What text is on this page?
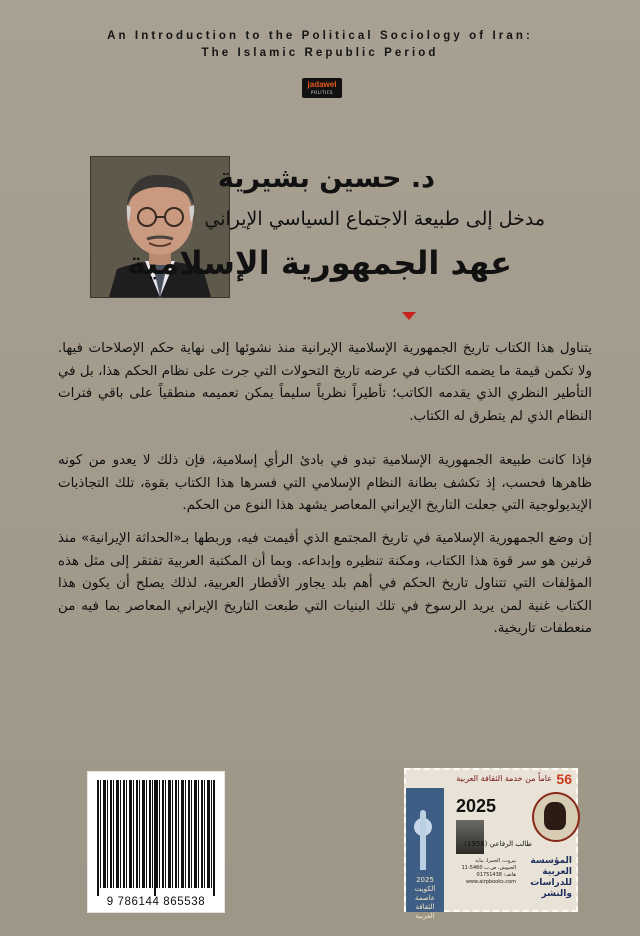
An Introduction to the Political Sociology of Iran:
The Islamic Republic Period
jadawel
POLITICS
د. حسين بشيرية
مدخل إلى طبيعة الاجتماع السياسي الإيراني
عهد الجمهورية الإسلامية
يتناول هذا الكتاب تاريخ الجمهورية الإسلامية الإيرانية منذ نشوئها إلى نهاية حكم الإصلاحات فيها. ولا تكمن قيمة ما يضمه الكتاب في عرضه تاريخ التحولات التي جرت على نظام الحكم هذا، بل في التأطير النظري الذي يقدمه الكاتب؛ تأطيراً نظرياً سليماً يمكن تعميمه منطقياً على باقي فترات النظام الذي لم يتطرق له الكتاب.
فإذا كانت طبيعة الجمهورية الإسلامية تبدو في بادئ الرأي إسلامية، فإن ذلك لا يعدو من كونه ظاهرها فحسب، إذ تكشف بطانة النظام الإسلامي التي فسرها هذا الكتاب بقوة، تلك التجاذبات الإيديولوجية التي جعلت التاريخ الإيراني المعاصر يشهد هذا النوع من الحكم.
إن وضع الجمهورية الإسلامية في تاريخ المجتمع الذي أقيمت فيه، وربطها بـ«الحداثة الإيرانية» منذ قرنين هو سر قوة هذا الكتاب، ومكنة تنظيره وإبداعه. وبما أن المكتبة العربية تفتقر إلى مثل هذه المؤلفات التي تتناول تاريخ الحكم في أهم بلد يجاور الأقطار العربية، لذلك يصلح أن يكون هذا الكتاب غنية لمن يريد الرسوخ في تلك البنيات التي طبعت التاريخ الإيراني المعاصر بما فيه من منعطفات تاريخية.
9 786144 865538
56
عاماً من خدمة الثقافة العربية
2025
الكويت عاصمة الثقافة العربية
2025
طالب الرفاعي (1958)
بيروت، الحمرا، بناية
الجيوش، ص.ب 5460-11
هاتف: 01751438
www.airpbooks.com
المؤسسة
العربية
للدراسات
والنشر
